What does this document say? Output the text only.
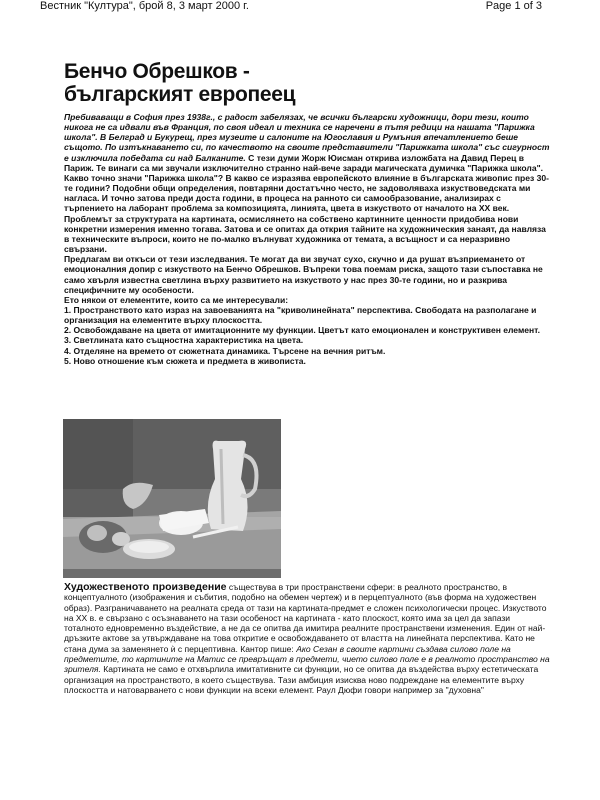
Вестник "Култура", брой 8, 3 март 2000 г.	Page 1 of 3
Бенчо Обрешков -
българският европеец

Пребиваващи в София през 1938г., с радост забелязах, че всички български художници, дори тези, които никога не са идвали във Франция, по своя идеал и техника се наречени в пътя редици на нашата "Парижка школа". В Белград и Букурещ, през музеите и салоните на Югославия и Румъния впечатлението беше същото. По изтъкнаването си, по качеството на своите представители "Парижката школа" със сигурност е изключила победата си над Балканите. С тези думи Жорж Юисман открива изложбата на Давид Перец в Париж. Те винаги са ми звучали изключително странно най-вече заради магическата думичка "Парижка школа". Какво точно значи "Парижка школа"? В какво се изразява европейското влияние в българската живопис през 30-те години? Подобни общи определения, повтаряни достатъчно често, не задоволяваха изкуствоведската ми нагласа. И точно затова преди доста години, в процеса на ранното си самообразование, анализирах с търпението на лаборант проблема за композицията, линията, цвета в изкуството от началото на ХХ век. Проблемът за структурата на картината, осмислянето на собствено картинните ценности придобива нови конкретни измерения именно тогава. Затова и се опитах да открия тайните на художническия занаят, да навляза в техническите въпроси, които не по-малко вълнуват художника от темата, а всъщност и са неразривно свързани.

Предлагам ви откъси от тези изследвания. Те могат да ви звучат сухо, скучно и да рушат възприемането от емоционалния допир с изкуството на Бенчо Обрешков. Въпреки това поемам риска, защото тази съпоставка не само хвърля известна светлина върху развитието на изкуството у нас през 30-те години, но и разкрива специфичните му особености.

Ето някои от елементите, които са ме интересували:

1. Пространството като израз на завоеванията на "криволинейната" перспектива. Свободата на разполагане и организация на елементите върху плоскостта.
2. Освобождаване на цвета от имитационните му функции. Цветът като емоционален и конструктивен елемент.
3. Светлината като същностна характеристика на цвета.
4. Отделяне на времето от сюжетната динамика. Търсене на вечния ритъм.
5. Ново отношение към сюжета и предмета в живописта.

Художественото произведение съществува в три пространствени сфери: в реалното пространство, в концептуалното (изображения и събития, подобно на обемен чертеж) и в перцептуалното (във форма на художествен образ). Разграничаването на реалната среда от тази на картината-предмет е сложен психологически процес. Изкуството на ХХ в. е свързано с осъзнаването на тази особеност на картината - като плоскост, която има за цел да запази тоталното едновременно въздействие, а не да се опитва да имитира реалните пространствени изменения. Един от най-дръзките актове за утвърждаване на това откритие е освобождаването от властта на линейната перспектива. Като не стана дума за заменянето ѝ с перцептивна. Кантор пише: Ако Сезан в своите картини създава силово поле на предметите, то картините на Матис се превръщат в предмети, чието силово поле е в реалното пространство на зрителя. Картината не само е отхвърлила имитативните си функции, но се опитва да въздейства върху естетическата организация на пространството, в което съществува. Тази амбиция изисква ново подреждане на елементите върху плоскостта и натоварването с нови функции на всеки елемент. Раул Дюфи говори например за "духовна"
